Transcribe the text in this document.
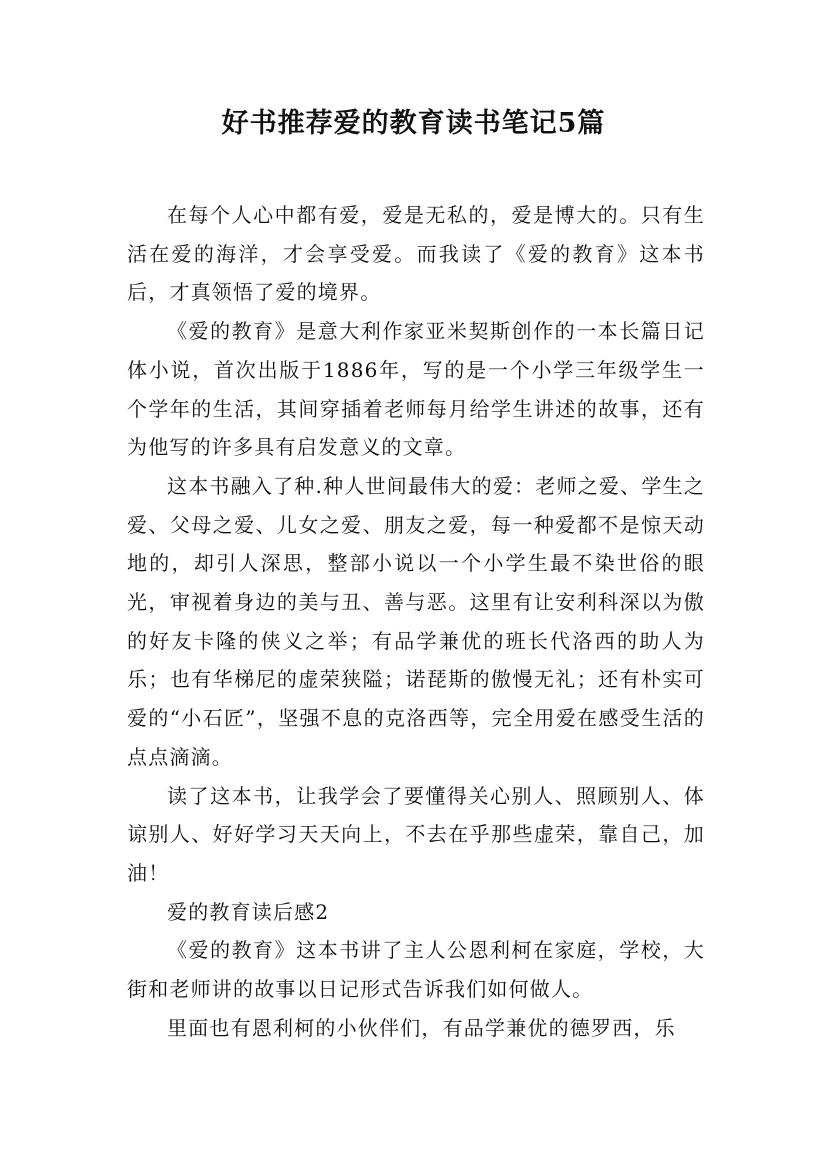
好书推荐爱的教育读书笔记5篇

在每个人心中都有爱，爱是无私的，爱是博大的。只有生活在爱的海洋，才会享受爱。而我读了《爱的教育》这本书后，才真领悟了爱的境界。

《爱的教育》是意大利作家亚米契斯创作的一本长篇日记体小说，首次出版于1886年，写的是一个小学三年级学生一个学年的生活，其间穿插着老师每月给学生讲述的故事，还有为他写的许多具有启发意义的文章。

这本书融入了种.种人世间最伟大的爱：老师之爱、学生之爱、父母之爱、儿女之爱、朋友之爱，每一种爱都不是惊天动地的，却引人深思，整部小说以一个小学生最不染世俗的眼光，审视着身边的美与丑、善与恶。这里有让安利科深以为傲的好友卡隆的侠义之举；有品学兼优的班长代洛西的助人为乐；也有华梯尼的虚荣狭隘；诺琵斯的傲慢无礼；还有朴实可爱的“小石匠”，坚强不息的克洛西等，完全用爱在感受生活的点点滴滴。

读了这本书，让我学会了要懂得关心别人、照顾别人、体谅别人、好好学习天天向上，不去在乎那些虚荣，靠自己，加油！

爱的教育读后感2

《爱的教育》这本书讲了主人公恩利柯在家庭，学校，大街和老师讲的故事以日记形式告诉我们如何做人。

里面也有恩利柯的小伙伴们，有品学兼优的德罗西，乐
